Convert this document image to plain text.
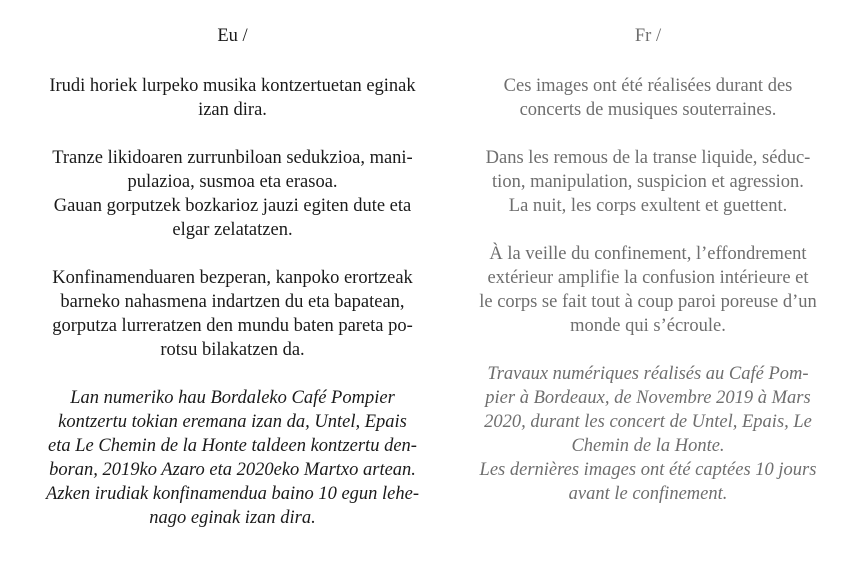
Eu /
Irudi horiek lurpeko musika kontzertuetan eginak
izan dira.
Tranze likidoaren zurrunbiloan sedukzioa, mani-
pulazioa, susmoa eta erasoa.
Gauan gorputzek bozkarioz jauzi egiten dute eta
elgar zelatatzen.
Konfinamenduaren bezperan, kanpoko erortzeak
barneko nahasmena indartzen du eta bapatean,
gorputza lurreratzen den mundu baten pareta po-
rotsu bilakatzen da.
Lan numeriko hau Bordaleko Café Pompier
kontzertu tokian eremana izan da, Untel, Epais
eta Le Chemin de la Honte taldeen kontzertu den-
boran, 2019ko Azaro eta 2020eko Martxo artean.
Azken irudiak konfinamendua baino 10 egun lehe-
nago eginak izan dira.
Fr /
Ces images ont été réalisées durant des
concerts de musiques souterraines.
Dans les remous de la transe liquide, séduc-
tion, manipulation, suspicion et agression.
La nuit, les corps exultent et guettent.
À la veille du confinement, l’effondrement
extérieur amplifie la confusion intérieure et
le corps se fait tout à coup paroi poreuse d’un
monde qui s’écroule.
Travaux numériques réalisés au Café Pom-
pier à Bordeaux, de Novembre 2019 à Mars
2020, durant les concert de Untel, Epais, Le
Chemin de la Honte.
Les dernières images ont été captées 10 jours
avant le confinement.
